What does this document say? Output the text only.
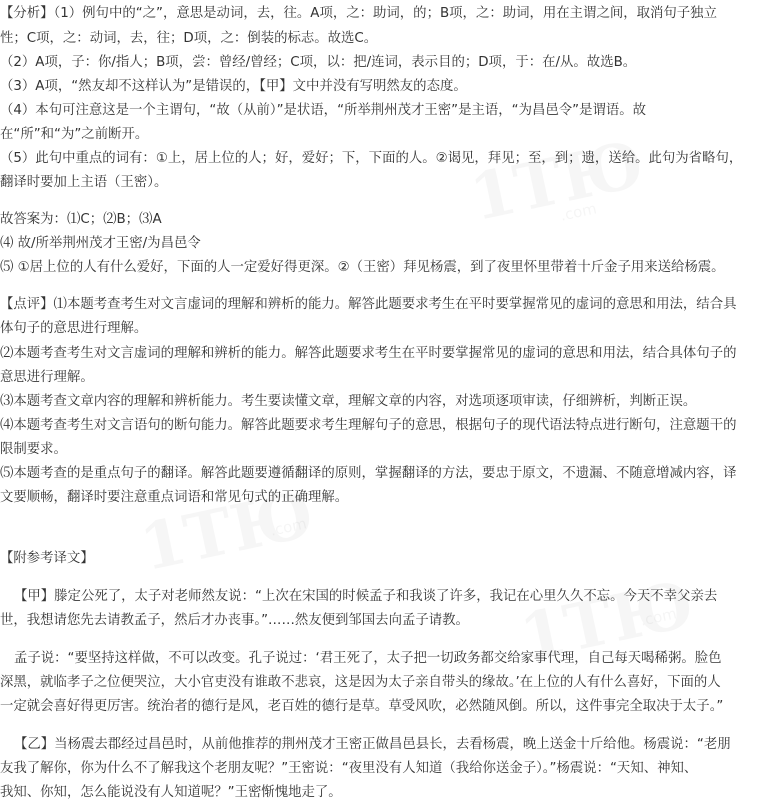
【分析】（1）例句中的“之”，意思是动词，去，往。A项，之：助词，的；B项，之：助词，用在主谓之间，取消句子独立
性；C项，之：动词，去，往；D项，之：倒装的标志。故选C。
（2）A项，子：你/指人；B项，尝：曾经/曾经；C项，以：把/连词，表示目的；D项，于：在/从。故选B。
（3）A项，“然友却不这样认为”是错误的，【甲】文中并没有写明然友的态度。
（4）本句可注意这是一个主谓句，“故（从前）”是状语，“所举荆州茂才王密”是主语，“为昌邑令”是谓语。故
在“所”和“为”之前断开。
（5）此句中重点的词有：①上，居上位的人；好，爱好；下，下面的人。②谒见，拜见；至，到；遗，送给。此句为省略句，
翻译时要加上主语（王密）。
故答案为：⑴C；⑵B；⑶A
⑷ 故/所举荆州茂才王密/为昌邑令
⑸ ①居上位的人有什么爱好，下面的人一定爱好得更深。②（王密）拜见杨震，到了夜里怀里带着十斤金子用来送给杨震。
【点评】⑴本题考查考生对文言虚词的理解和辨析的能力。解答此题要求考生在平时要掌握常见的虚词的意思和用法，结合具
体句子的意思进行理解。
⑵本题考查考生对文言虚词的理解和辨析的能力。解答此题要求考生在平时要掌握常见的虚词的意思和用法，结合具体句子的
意思进行理解。
⑶本题考查文章内容的理解和辨析能力。考生要读懂文章，理解文章的内容，对选项逐项审读，仔细辨析，判断正误。
⑷本题考查考生对文言语句的断句能力。解答此题要求考生理解句子的意思，根据句子的现代语法特点进行断句，注意题干的
限制要求。
⑸本题考查的是重点句子的翻译。解答此题要遵循翻译的原则，掌握翻译的方法，要忠于原文，不遗漏、不随意增减内容，译
文要顺畅，翻译时要注意重点词语和常见句式的正确理解。
【附参考译文】
【甲】滕定公死了，太子对老师然友说：“上次在宋国的时候孟子和我谈了许多，我记在心里久久不忘。今天不幸父亲去
世，我想请您先去请教孟子，然后才办丧事。”……然友便到邹国去向孟子请教。
孟子说：“要坚持这样做，不可以改变。孔子说过：‘君王死了，太子把一切政务都交给家事代理，自己每天喝稀粥。脸色
深黑，就临孝子之位便哭泣，大小官吏没有谁敢不悲哀，这是因为太子亲自带头的缘故。’在上位的人有什么喜好，下面的人
一定就会喜好得更厉害。统治者的德行是风，老百姓的德行是草。草受风吹，必然随风倒。所以，这件事完全取决于太子。”
【乙】当杨震去郡经过昌邑时，从前他推荐的荆州茂才王密正做昌邑县长，去看杨震，晚上送金十斤给他。杨震说：“老朋
友我了解你，你为什么不了解我这个老朋友呢？”王密说：“夜里没有人知道（我给你送金子）。”杨震说：“天知、神知、
我知、你知，怎么能说没有人知道呢？”王密惭愧地走了。
